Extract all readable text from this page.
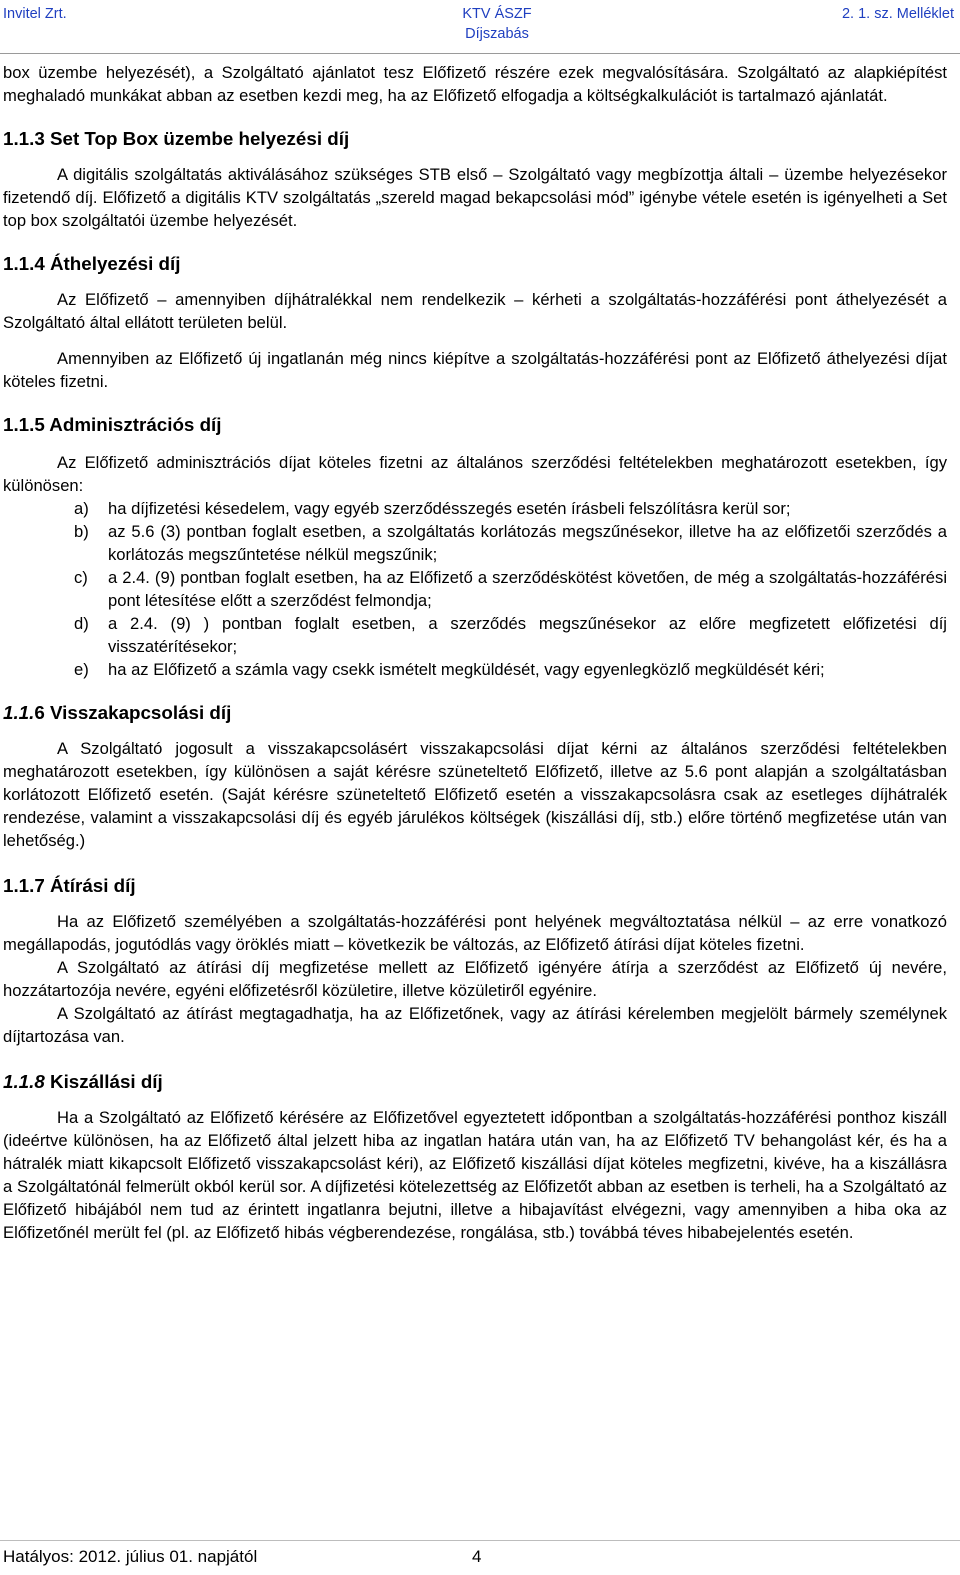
Invitel Zrt.	KTV ÁSZF
Díjszabás
2. 1. sz. Melléklet

box üzembe helyezését), a Szolgáltató ajánlatot tesz Előfizető részére ezek megvalósítására. Szolgáltató az alapkiépítést meghaladó munkákat abban az esetben kezdi meg, ha az Előfizető elfogadja a költségkalkulációt is tartalmazó ajánlatát.

1.1.3 Set Top Box üzembe helyezési díj

A digitális szolgáltatás aktiválásához szükséges STB első – Szolgáltató vagy megbízottja általi – üzembe helyezésekor fizetendő díj. Előfizető a digitális KTV szolgáltatás „szereld magad bekapcsolási mód” igénybe vétele esetén is igényelheti a Set top box szolgáltatói üzembe helyezését.

1.1.4 Áthelyezési díj

Az Előfizető – amennyiben díjhátralékkal nem rendelkezik – kérheti a szolgáltatás-hozzáférési pont áthelyezését a Szolgáltató által ellátott területen belül.

Amennyiben az Előfizető új ingatlanán még nincs kiépítve a szolgáltatás-hozzáférési pont az Előfizető áthelyezési díjat köteles fizetni.

1.1.5 Adminisztrációs díj

Az Előfizető adminisztrációs díjat köteles fizetni az általános szerződési feltételekben meghatározott esetekben, így különösen:

a) ha díjfizetési késedelem, vagy egyéb szerződésszegés esetén írásbeli felszólításra kerül sor;
b) az 5.6 (3) pontban foglalt esetben, a szolgáltatás korlátozás megszűnésekor, illetve ha az előfizetői szerződés a korlátozás megszűntetése nélkül megszűnik;
c) a 2.4. (9) pontban foglalt esetben, ha az Előfizető a szerződéskötést követően, de még a szolgáltatás-hozzáférési pont létesítése előtt a szerződést felmondja;
d) a 2.4. (9) ) pontban foglalt esetben, a szerződés megszűnésekor az előre megfizetett előfizetési díj visszatérítésekor;
e) ha az Előfizető a számla vagy csekk ismételt megküldését, vagy egyenlegközlő megküldését kéri;
1.1.6 Visszakapcsolási díj

A Szolgáltató jogosult a visszakapcsolásért visszakapcsolási díjat kérni az általános szerződési feltételekben meghatározott esetekben, így különösen a saját kérésre szüneteltető Előfizető, illetve az 5.6 pont alapján a szolgáltatásban korlátozott Előfizető esetén. (Saját kérésre szüneteltető Előfizető esetén a visszakapcsolásra csak az esetleges díjhátralék rendezése, valamint a visszakapcsolási díj és egyéb járulékos költségek (kiszállási díj, stb.) előre történő megfizetése után van lehetőség.)

1.1.7 Átírási díj

Ha az Előfizető személyében a szolgáltatás-hozzáférési pont helyének megváltoztatása nélkül – az erre vonatkozó megállapodás, jogutódlás vagy öröklés miatt – következik be változás, az Előfizető átírási díjat köteles fizetni.

A Szolgáltató az átírási díj megfizetése mellett az Előfizető igényére átírja a szerződést az Előfizető új nevére, hozzátartozója nevére, egyéni előfizetésről közületire, illetve közületiről egyénire.

A Szolgáltató az átírást megtagadhatja, ha az Előfizetőnek, vagy az átírási kérelemben megjelölt bármely személynek díjtartozása van.

1.1.8 Kiszállási díj

Ha a Szolgáltató az Előfizető kérésére az Előfizetővel egyeztetett időpontban a szolgáltatás-hozzáférési ponthoz kiszáll (ideértve különösen, ha az Előfizető által jelzett hiba az ingatlan határa után van, ha az Előfizető TV behangolást kér, és ha a hátralék miatt kikapcsolt Előfizető visszakapcsolást kéri), az Előfizető kiszállási díjat köteles megfizetni, kivéve, ha a kiszállásra a Szolgáltatónál felmerült okból kerül sor. A díjfizetési kötelezettség az Előfizetőt abban az esetben is terheli, ha a Szolgáltató az Előfizető hibájából nem tud az érintett ingatlanra bejutni, illetve a hibajavítást elvégezni, vagy amennyiben a hiba oka az Előfizetőnél merült fel (pl. az Előfizető hibás végberendezése, rongálása, stb.) továbbá téves hibabejelentés esetén.

Hatályos: 2012. július 01. napjától	4
